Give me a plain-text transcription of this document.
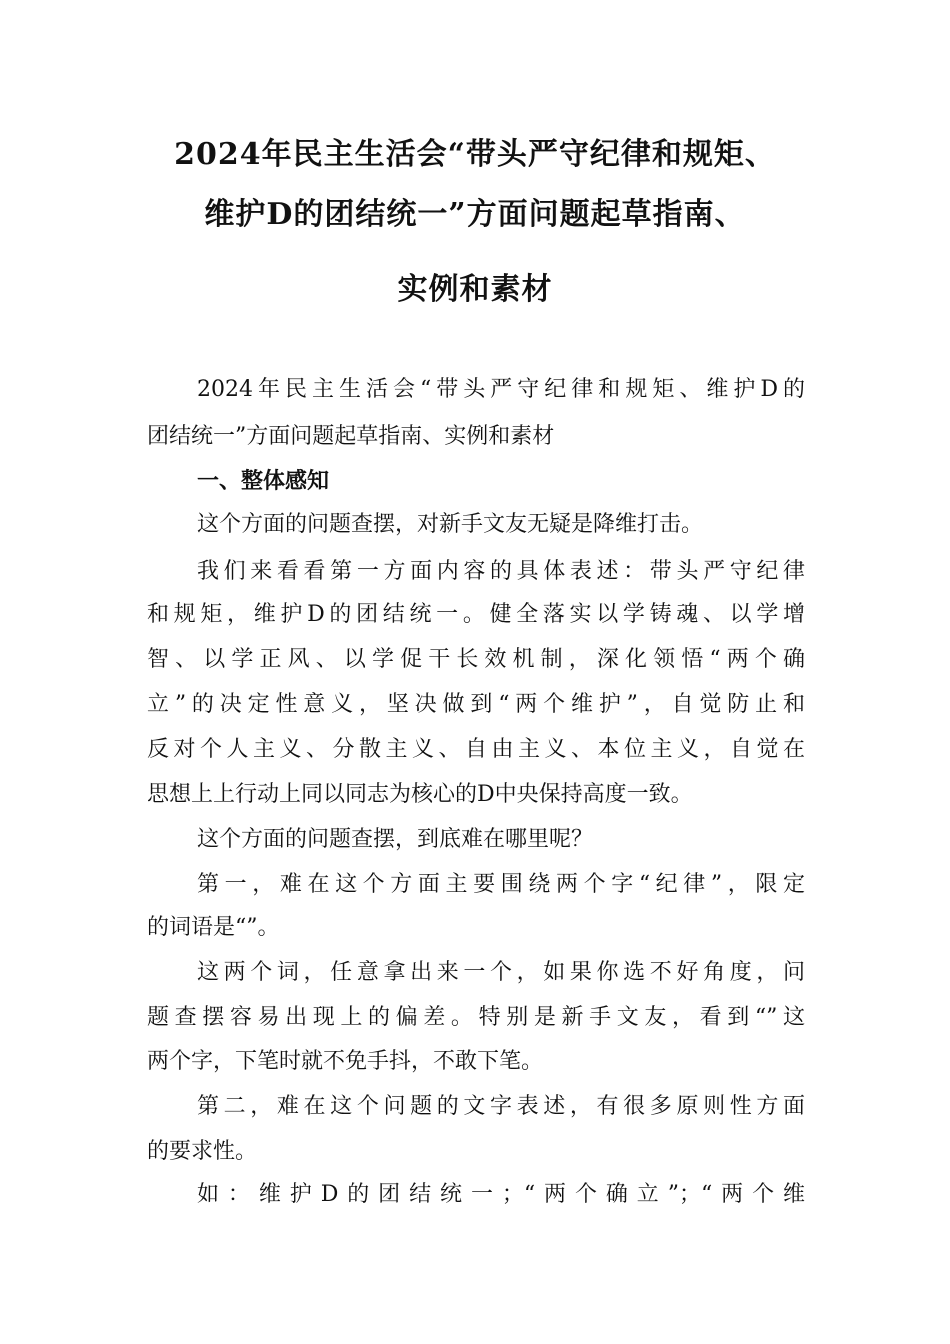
2024年民主生活会“带头严守纪律和规矩、
维护D的团结统一”方面问题起草指南、
实例和素材
2024年民主生活会“带头严守纪律和规矩、维护D的
团结统一”方面问题起草指南、实例和素材
一、整体感知
这个方面的问题查摆，对新手文友无疑是降维打击。
我们来看看第一方面内容的具体表述：带头严守纪律
和规矩，维护D的团结统一。健全落实以学铸魂、以学增
智、以学正风、以学促干长效机制，深化领悟“两个确
立”的决定性意义，坚决做到“两个维护”，自觉防止和
反对个人主义、分散主义、自由主义、本位主义，自觉在
思想上上行动上同以同志为核心的D中央保持高度一致。
这个方面的问题查摆，到底难在哪里呢？
第一，难在这个方面主要围绕两个字“纪律”，限定
的词语是“”。
这两个词，任意拿出来一个，如果你选不好角度，问
题查摆容易出现上的偏差。特别是新手文友，看到“”这
两个字，下笔时就不免手抖，不敢下笔。
第二，难在这个问题的文字表述，有很多原则性方面
的要求性。
如：维护D的团结统一；“两个确立”；“两个维
